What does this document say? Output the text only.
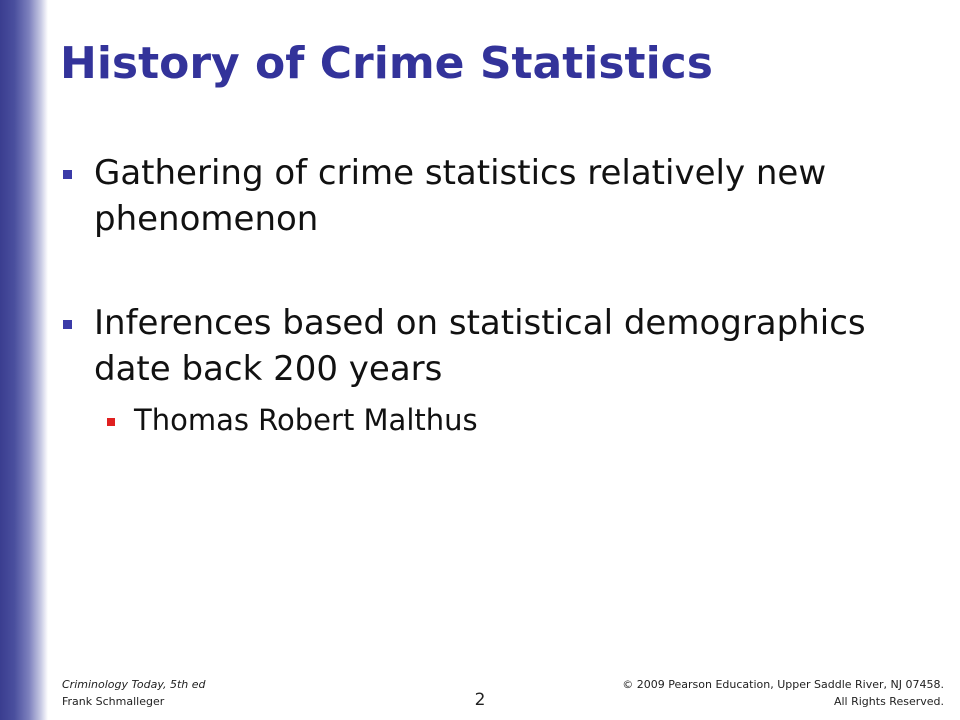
History of Crime Statistics
Gathering of crime statistics relatively new phenomenon
Inferences based on statistical demographics date back 200 years
Thomas Robert Malthus
Criminology Today, 5th ed
Frank Schmalleger	2
© 2009 Pearson Education, Upper Saddle River, NJ 07458.
All Rights Reserved.
